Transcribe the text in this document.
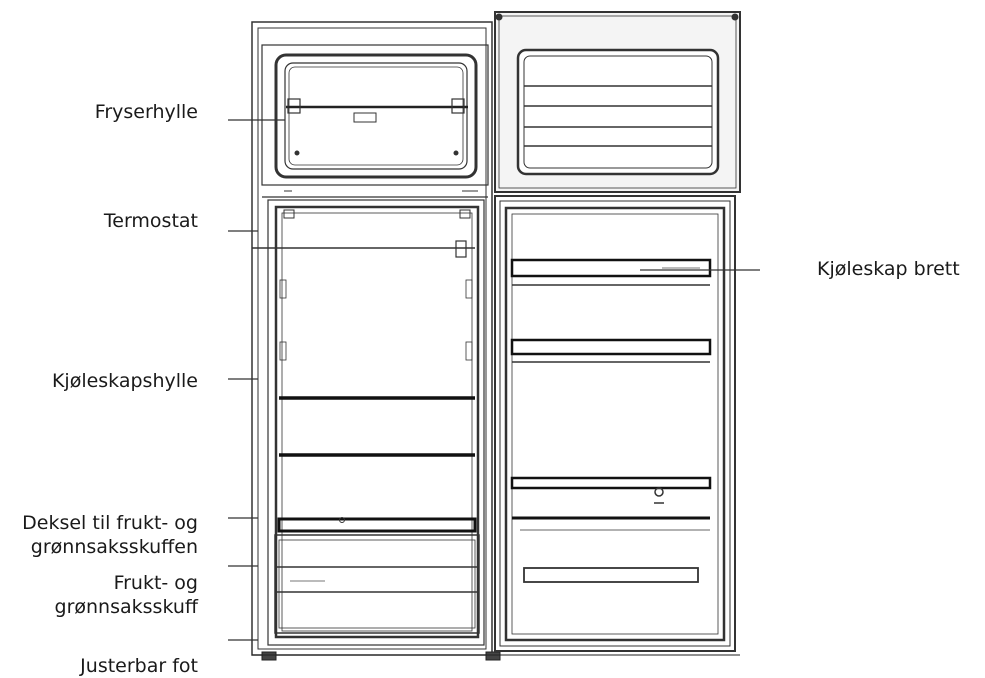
Fryserhylle
Termostat
Kjøleskapshylle
Deksel til frukt- og
grønnsaksskuffen
Frukt- og
grønnsaksskuff
Justerbar fot
Kjøleskap brett
